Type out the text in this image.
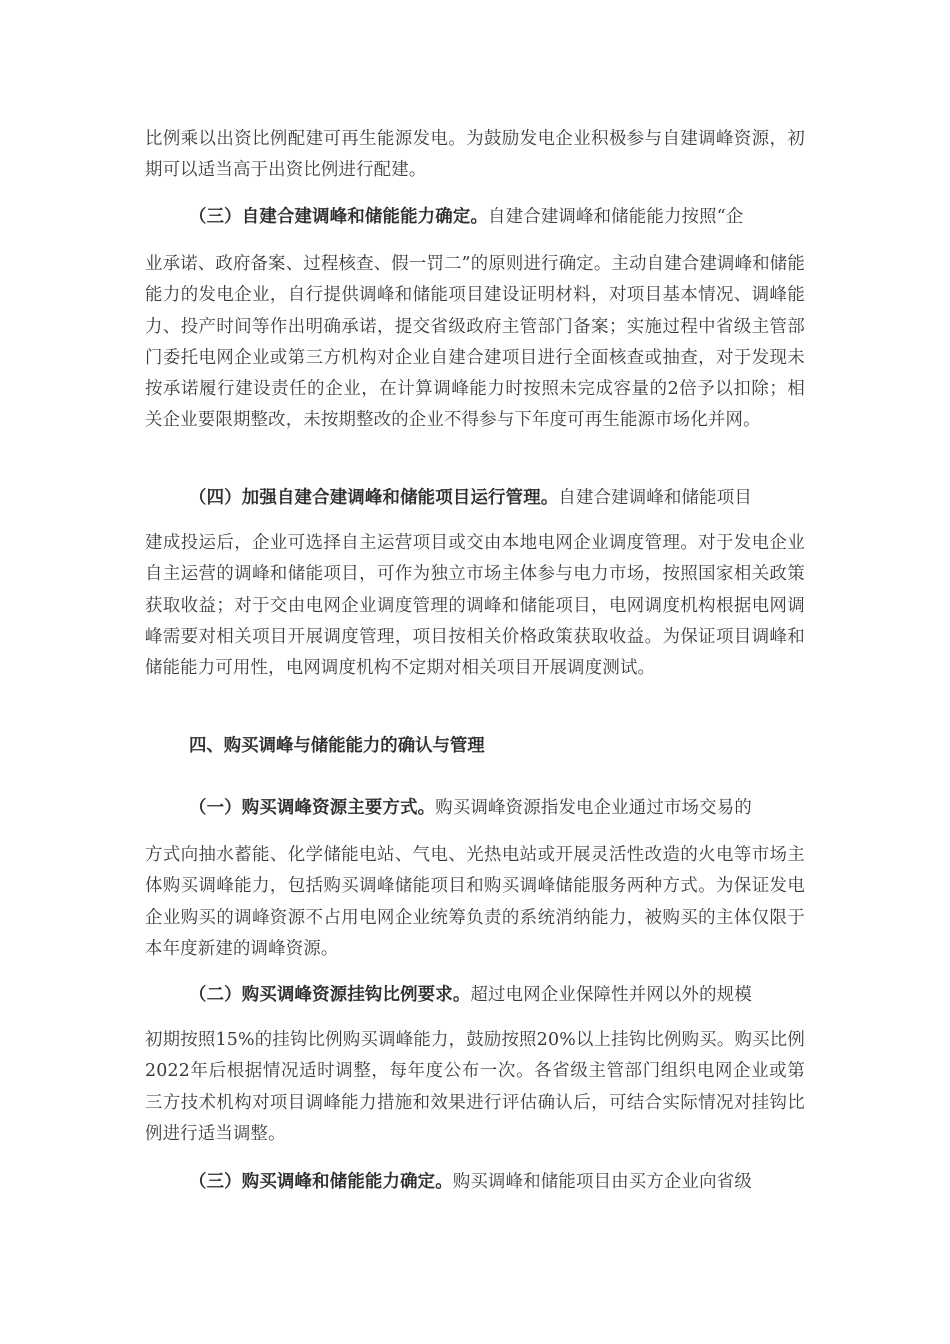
比例乘以出资比例配建可再生能源发电。为鼓励发电企业积极参与自建调峰资源，初期可以适当高于出资比例进行配建。
（三）自建合建调峰和储能能力确定。自建合建调峰和储能能力按照“企
业承诺、政府备案、过程核查、假一罚二”的原则进行确定。主动自建合建调峰和储能能力的发电企业，自行提供调峰和储能项目建设证明材料，对项目基本情况、调峰能力、投产时间等作出明确承诺，提交省级政府主管部门备案；实施过程中省级主管部门委托电网企业或第三方机构对企业自建合建项目进行全面核查或抽查，对于发现未按承诺履行建设责任的企业，在计算调峰能力时按照未完成容量的2倍予以扣除；相关企业要限期整改，未按期整改的企业不得参与下年度可再生能源市场化并网。
（四）加强自建合建调峰和储能项目运行管理。自建合建调峰和储能项目
建成投运后，企业可选择自主运营项目或交由本地电网企业调度管理。对于发电企业自主运营的调峰和储能项目，可作为独立市场主体参与电力市场，按照国家相关政策获取收益；对于交由电网企业调度管理的调峰和储能项目，电网调度机构根据电网调峰需要对相关项目开展调度管理，项目按相关价格政策获取收益。为保证项目调峰和储能能力可用性，电网调度机构不定期对相关项目开展调度测试。
四、购买调峰与储能能力的确认与管理
（一）购买调峰资源主要方式。购买调峰资源指发电企业通过市场交易的
方式向抽水蓄能、化学储能电站、气电、光热电站或开展灵活性改造的火电等市场主体购买调峰能力，包括购买调峰储能项目和购买调峰储能服务两种方式。为保证发电企业购买的调峰资源不占用电网企业统筹负责的系统消纳能力，被购买的主体仅限于本年度新建的调峰资源。
（二）购买调峰资源挂钩比例要求。超过电网企业保障性并网以外的规模
初期按照15%的挂钩比例购买调峰能力，鼓励按照20%以上挂钩比例购买。购买比例2022年后根据情况适时调整，每年度公布一次。各省级主管部门组织电网企业或第三方技术机构对项目调峰能力措施和效果进行评估确认后，可结合实际情况对挂钩比例进行适当调整。
（三）购买调峰和储能能力确定。购买调峰和储能项目由买方企业向省级
